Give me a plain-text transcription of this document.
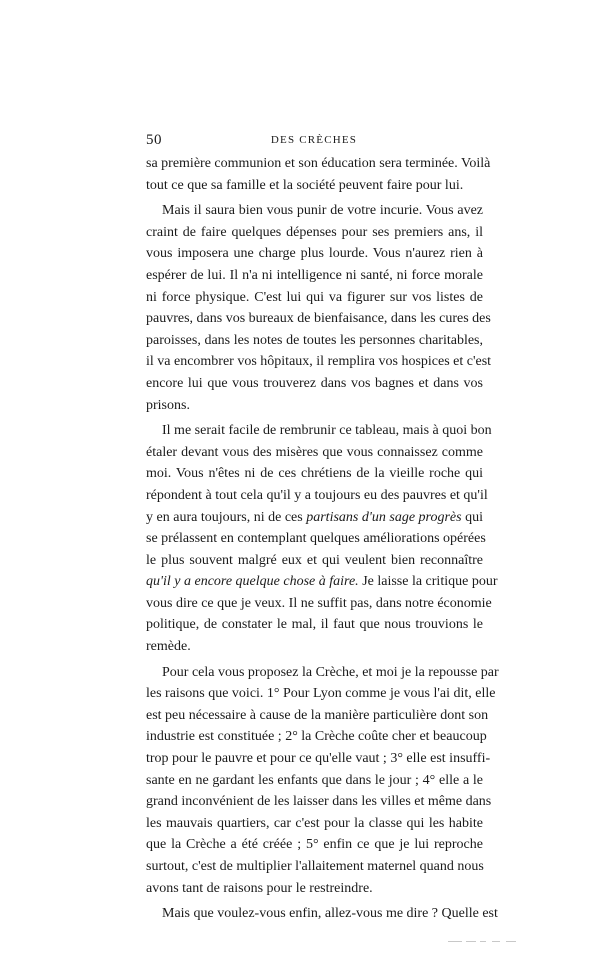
50	DES CRÈCHES
sa première communion et son éducation sera terminée. Voilà
tout ce que sa famille et la société peuvent faire pour lui.
Mais il saura bien vous punir de votre incurie. Vous avez
craint de faire quelques dépenses pour ses premiers ans, il
vous imposera une charge plus lourde. Vous n'aurez rien à
espérer de lui. Il n'a ni intelligence ni santé, ni force morale
ni force physique. C'est lui qui va figurer sur vos listes de
pauvres, dans vos bureaux de bienfaisance, dans les cures des
paroisses, dans les notes de toutes les personnes charitables,
il va encombrer vos hôpitaux, il remplira vos hospices et c'est
encore lui que vous trouverez dans vos bagnes et dans vos
prisons.
Il me serait facile de rembrunir ce tableau, mais à quoi bon
étaler devant vous des misères que vous connaissez comme
moi. Vous n'êtes ni de ces chrétiens de la vieille roche qui
répondent à tout cela qu'il y a toujours eu des pauvres et qu'il
y en aura toujours, ni de ces partisans d'un sage progrès qui
se prélassent en contemplant quelques améliorations opérées
le plus souvent malgré eux et qui veulent bien reconnaître
qu'il y a encore quelque chose à faire. Je laisse la critique pour
vous dire ce que je veux. Il ne suffit pas, dans notre économie
politique, de constater le mal, il faut que nous trouvions le
remède.
Pour cela vous proposez la Crèche, et moi je la repousse par
les raisons que voici. 1° Pour Lyon comme je vous l'ai dit, elle
est peu nécessaire à cause de la manière particulière dont son
industrie est constituée ; 2° la Crèche coûte cher et beaucoup
trop pour le pauvre et pour ce qu'elle vaut ; 3° elle est insuffi-
sante en ne gardant les enfants que dans le jour ; 4° elle a le
grand inconvénient de les laisser dans les villes et même dans
les mauvais quartiers, car c'est pour la classe qui les habite
que la Crèche a été créée ; 5° enfin ce que je lui reproche
surtout, c'est de multiplier l'allaitement maternel quand nous
avons tant de raisons pour le restreindre.
Mais que voulez-vous enfin, allez-vous me dire ? Quelle est
